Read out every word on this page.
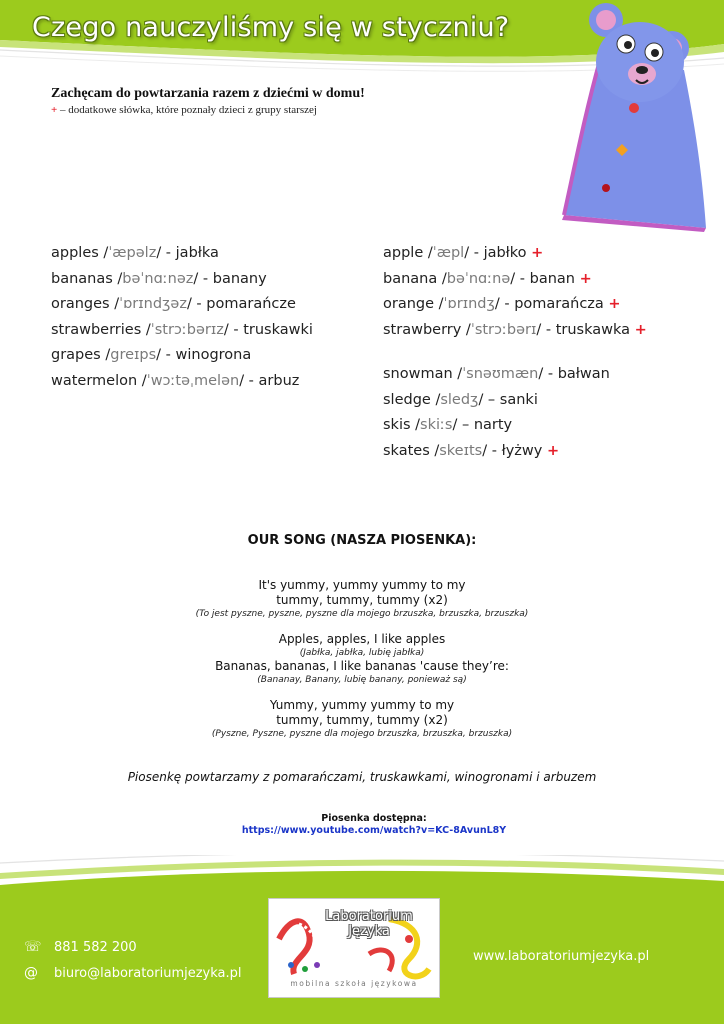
Czego nauczyliśmy się w styczniu?
Zachęcam do powtarzania razem z dziećmi w domu!
+ – dodatkowe słówka, które poznały dzieci z grupy starszej
apples /ˈæpəlz/ - jabłka
bananas /bəˈnɑːnəz/ - banany
oranges /ˈɒrɪndʒəz/ - pomarańcze
strawberries /ˈstrɔːbərɪz/ - truskawki
grapes /greɪps/ - winogrona
watermelon /ˈwɔːtəˌmelən/ - arbuz
apple /ˈæpl/ - jabłko +
banana /bəˈnɑːnə/ - banan +
orange /ˈɒrɪndʒ/ - pomarańcza +
strawberry /ˈstrɔːbərɪ/ - truskawka +
snowman /ˈsnəʊmæn/ - bałwan
sledge /sledʒ/ – sanki
skis /skiːs/ – narty
skates /skeɪts/ - łyżwy +
OUR SONG (NASZA PIOSENKA):
It's yummy, yummy yummy to my
tummy, tummy, tummy (x2)
(To jest pyszne, pyszne, pyszne dla mojego brzuszka, brzuszka, brzuszka)
Apples, apples, I like apples
(Jabłka, jabłka, lubię jabłka)
Bananas, bananas, I like bananas 'cause they’re:
(Bananay, Banany, lubię banany, ponieważ są)
Yummy, yummy yummy to my
tummy, tummy, tummy (x2)
(Pyszne, Pyszne, pyszne dla mojego brzuszka, brzuszka, brzuszka)
Piosenkę powtarzamy z pomarańczami, truskawkami, winogronami i arbuzem
Piosenka dostępna:
https://www.youtube.com/watch?v=KC-8AvunL8Y
☏ 881 582 200
@ biuro@laboratoriumjezyka.pl
www.laboratoriumjezyka.pl
Laboratorium
Języka
mobilna szkoła językowa
